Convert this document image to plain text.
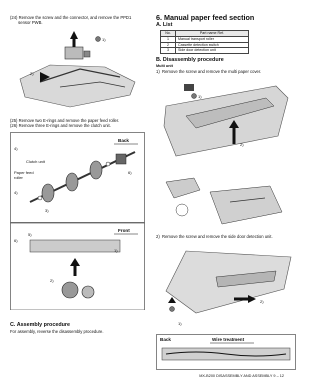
(24) Remove the screw and the connector, and remove the PPD1
sensor PWB.
1)
2)
(25) Remove two E-rings and remove the paper feed roller.
(26) Remove three E-rings and remove the clutch unit.
Back
Clutch unit
Paper feed roller
4)
6)
3)
4)
Front
6)
5)
1)
2)
C. Assembly procedure
For assembly, reverse the disassembly procedure.
6. Manual paper feed section
A. List
No.	Part name Ref.
1	Manual transport roller
2	Cassette detection switch
3	Side door detection unit
B. Disassembly procedure
Multi unit
1)  Remove the screw and remove the multi paper cover.
1)
2)
2)  Remove the screw and remove the side door detection unit.
1)
2)
Back	Wire treatment
MX-B200 DISASSEMBLY AND ASSEMBLY 9 – 12
